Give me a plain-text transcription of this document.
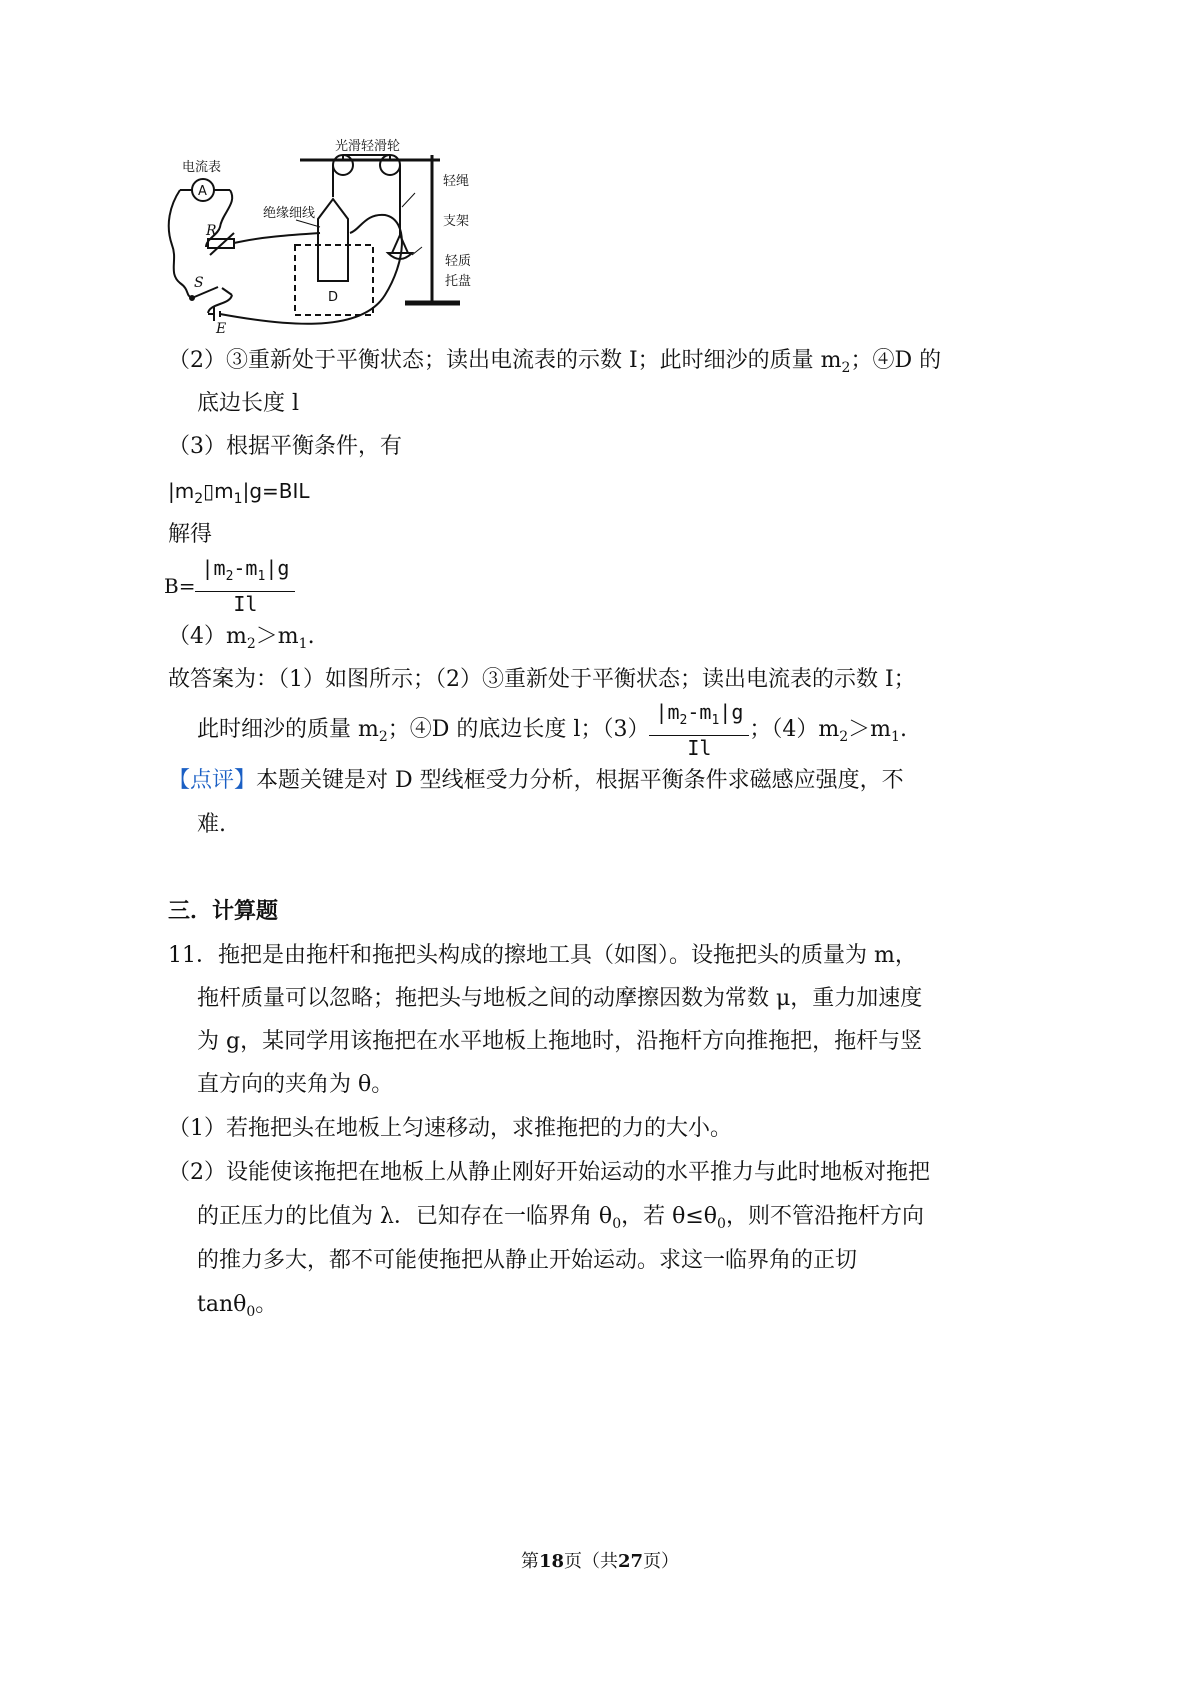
电流表
A
R
S
E
D
光滑轻滑轮
绝缘细线
轻绳
支架
轻质
托盘
（2）③重新处于平衡状态；读出电流表的示数 I；此时细沙的质量 $m_2$；④D 的
底边长度 l
（3）根据平衡条件，有
$|m_2▯m_1|g=BIL$
解得
$B= \frac{|m_2-m_1|g}{Il}$
$(4)m_2>m_1$.
故答案为：（1）如图所示；（2）③重新处于平衡状态；读出电流表的示数 I；
此时细沙的质量 $m_2$；④D 的底边长度 l；$(3) \frac{|m_2-m_1|g}{Il}$ ；$(4)m_2>m_1$.
【点评】本题关键是对 D 型线框受力分析，根据平衡条件求磁感应强度，不
难.
三．计算题
11．拖把是由拖杆和拖把头构成的擦地工具（如图）。设拖把头的质量为 m，
拖杆质量可以忽略；拖把头与地板之间的动摩擦因数为常数 μ，重力加速度
为 g，某同学用该拖把在水平地板上拖地时，沿拖杆方向推拖把，拖杆与竖
直方向的夹角为 θ。
（1）若拖把头在地板上匀速移动，求推拖把的力的大小。
（2）设能使该拖把在地板上从静止刚好开始运动的水平推力与此时地板对拖把
的正压力的比值为 λ．已知存在一临界角 $\theta_0$，若 $\theta\le\theta_0$，则不管沿拖杆方向
的推力多大，都不可能使拖把从静止开始运动。求这一临界角的正切
tanθ$_0$。
第18页（共27页）
